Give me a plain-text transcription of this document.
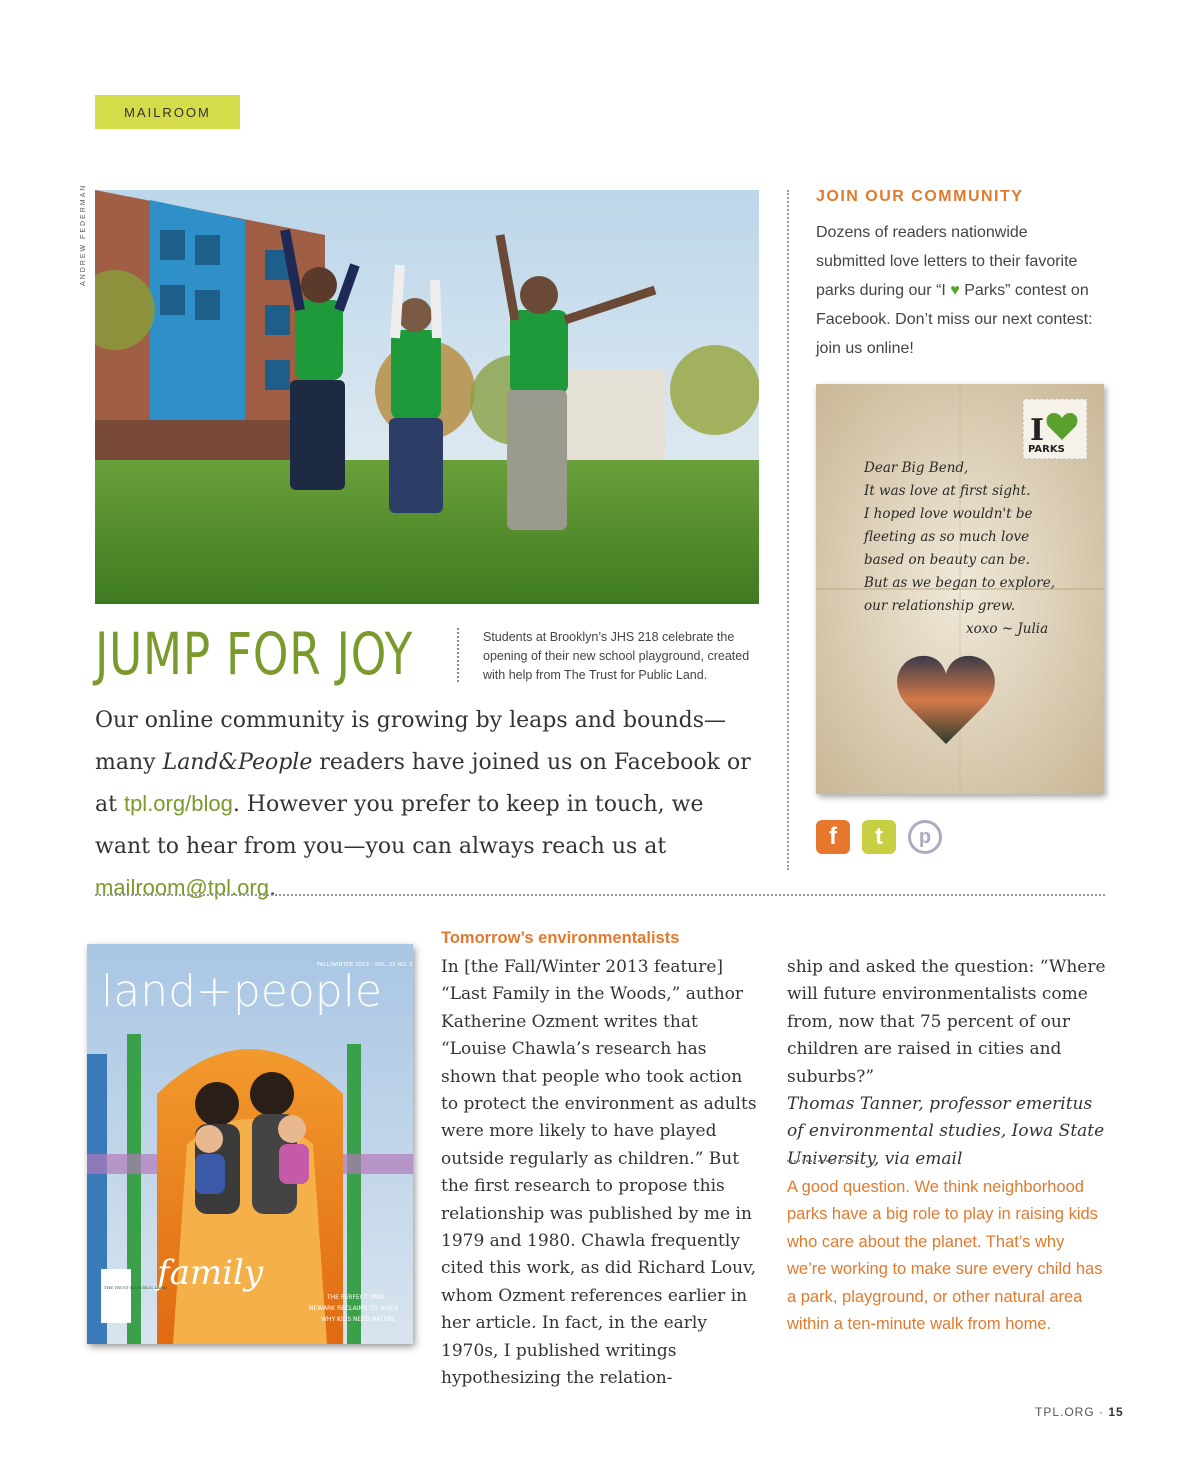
MAILROOM
ANDREW FEDERMAN
JUMP FOR JOY	Students at Brooklyn’s JHS 218 celebrate the opening of their new school playground, created with help from The Trust for Public Land.
Our online community is growing by leaps and bounds—many Land&People readers have joined us on Facebook or at tpl.org/blog. However you prefer to keep in touch, we want to hear from you—you can always reach us at mailroom@tpl.org.
JOIN OUR COMMUNITY
Dozens of readers nationwide submitted love letters to their favorite parks during our “I ♥ Parks” contest on Facebook. Don’t miss our next contest: join us online!
I
PARKS
Dear Big Bend,
It was love at first sight.
I hoped love wouldn't be
fleeting as so much love
based on beauty can be.
But as we began to explore,
our relationship grew.
xoxo ~ Julia
f	t	p
land+people
FALL/WINTER 2013 · VOL. 25 NO. 2
family
THE PERFECT PARK
NEWARK RECLAIMS ITS RIVER
WHY KIDS NEED NATURE
THE TRUST for PUBLIC LAND
Tomorrow’s environmentalists
In [the Fall/Winter 2013 feature] “Last Family in the Woods,” author Katherine Ozment writes that “Louise Chawla’s research has shown that people who took action to protect the environment as adults were more likely to have played outside regularly as children.” But the first research to propose this relationship was published by me in 1979 and 1980. Chawla frequently cited this work, as did Richard Louv, whom Ozment references earlier in her article. In fact, in the early 1970s, I published writings hypothesizing the relation-
ship and asked the question: “Where will future environmentalists come from, now that 75 percent of our children are raised in cities and suburbs?”
Thomas Tanner, professor emeritus of environmental studies, Iowa State University, via email
A good question. We think neighborhood parks have a big role to play in raising kids who care about the planet. That’s why we’re working to make sure every child has a park, playground, or other natural area within a ten-minute walk from home.
TPL.ORG · 15
